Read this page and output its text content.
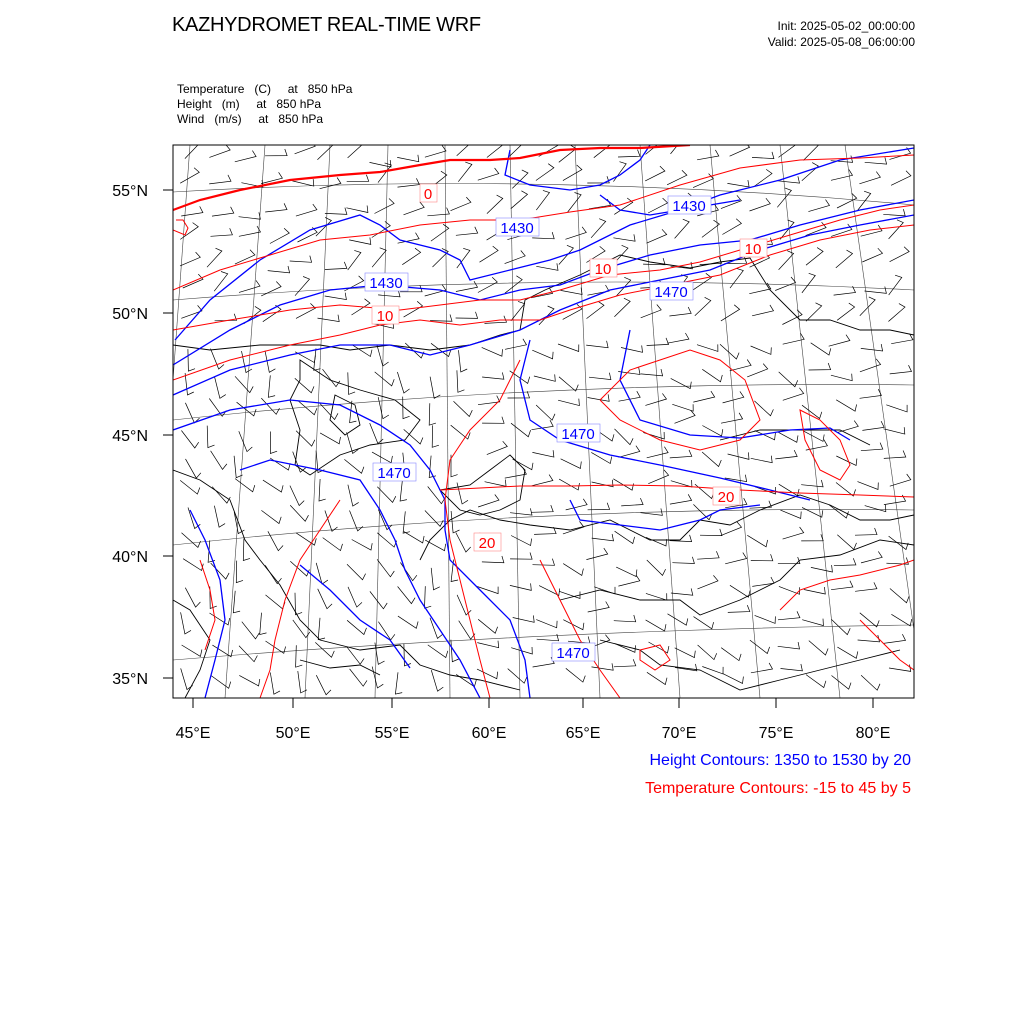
KAZHYDROMET REAL-TIME WRF	Init: 2025-05-02_00:00:00
Valid: 2025-05-08_06:00:00
Temperature   (C)     at   850 hPa
Height   (m)     at   850 hPa
Wind   (m/s)     at   850 hPa
45°E	50°E	55°E	60°E	65°E	70°E	75°E	80°E
55°N
50°N
45°N
40°N
35°N
1430
1430
1430
1470
1470
1470
1470
0
10
10
10
20
20
Height Contours: 1350 to 1530 by 20
Temperature Contours: -15 to 45 by 5
